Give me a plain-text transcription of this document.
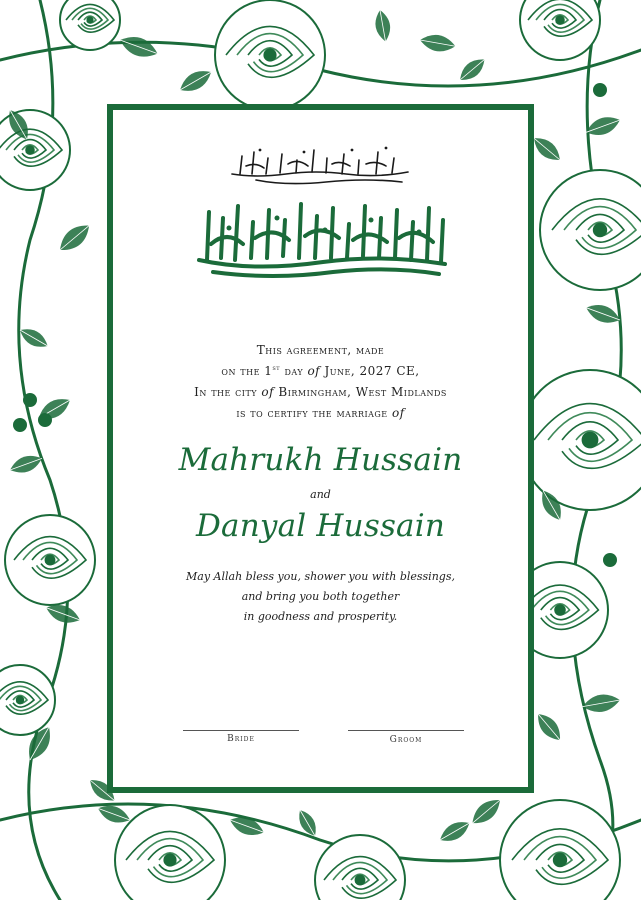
This agreement, made
on the 1st day of June, 2027 CE,
In the city of Birmingham, West Midlands
is to certify the marriage of
Mahrukh Hussain
and
Danyal Hussain
May Allah bless you, shower you with blessings,
and bring you both together
in goodness and prosperity.
Bride	Groom
